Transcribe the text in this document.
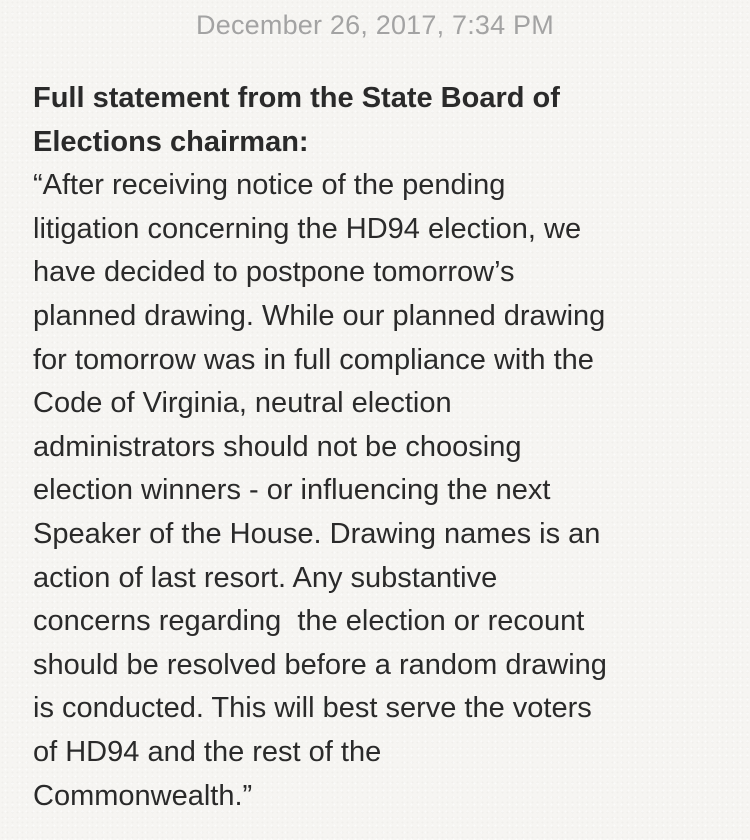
December 26, 2017, 7:34 PM
Full statement from the State Board of
Elections chairman:
“After receiving notice of the pending
litigation concerning the HD94 election, we
have decided to postpone tomorrow’s
planned drawing. While our planned drawing
for tomorrow was in full compliance with the
Code of Virginia, neutral election
administrators should not be choosing
election winners - or influencing the next
Speaker of the House. Drawing names is an
action of last resort. Any substantive
concerns regarding  the election or recount
should be resolved before a random drawing
is conducted. This will best serve the voters
of HD94 and the rest of the
Commonwealth.”
